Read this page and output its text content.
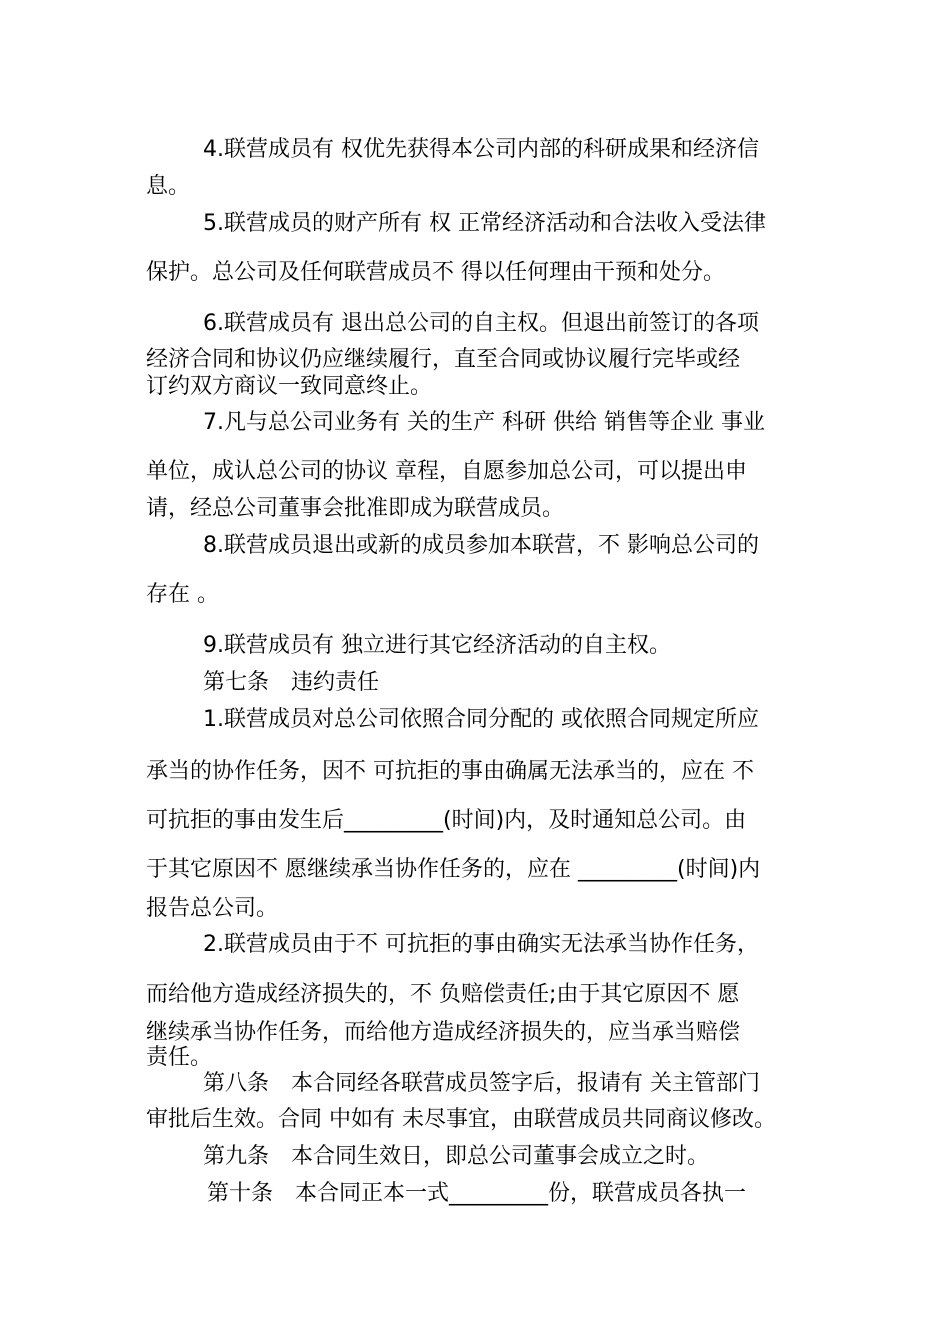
4.联营成员有 权优先获得本公司内部的科研成果和经济信

息。

5.联营成员的财产所有 权 正常经济活动和合法收入受法律

保护。总公司及任何联营成员不 得以任何理由干预和处分。

6.联营成员有 退出总公司的自主权。但退出前签订的各项

经济合同和协议仍应继续履行，直至合同或协议履行完毕或经

订约双方商议一致同意终止。

7.凡与总公司业务有 关的生产 科研 供给 销售等企业 事业

单位，成认总公司的协议 章程，自愿参加总公司，可以提出申

请，经总公司董事会批准即成为联营成员。

8.联营成员退出或新的成员参加本联营，不 影响总公司的

存在 。

9.联营成员有 独立进行其它经济活动的自主权。

第七条　违约责任

1.联营成员对总公司依照合同分配的 或依照合同规定所应

承当的协作任务，因不 可抗拒的事由确属无法承当的，应在 不

可抗拒的事由发生后_________(时间)内，及时通知总公司。由

于其它原因不 愿继续承当协作任务的，应在 _________(时间)内

报告总公司。

2.联营成员由于不 可抗拒的事由确实无法承当协作任务，

而给他方造成经济损失的，不 负赔偿责任;由于其它原因不 愿

继续承当协作任务，而给他方造成经济损失的，应当承当赔偿

责任。

第八条　本合同经各联营成员签字后，报请有 关主管部门

审批后生效。合同 中如有 未尽事宜，由联营成员共同商议修改。

第九条　本合同生效日，即总公司董事会成立之时。

第十条　本合同正本一式_________份，联营成员各执一
